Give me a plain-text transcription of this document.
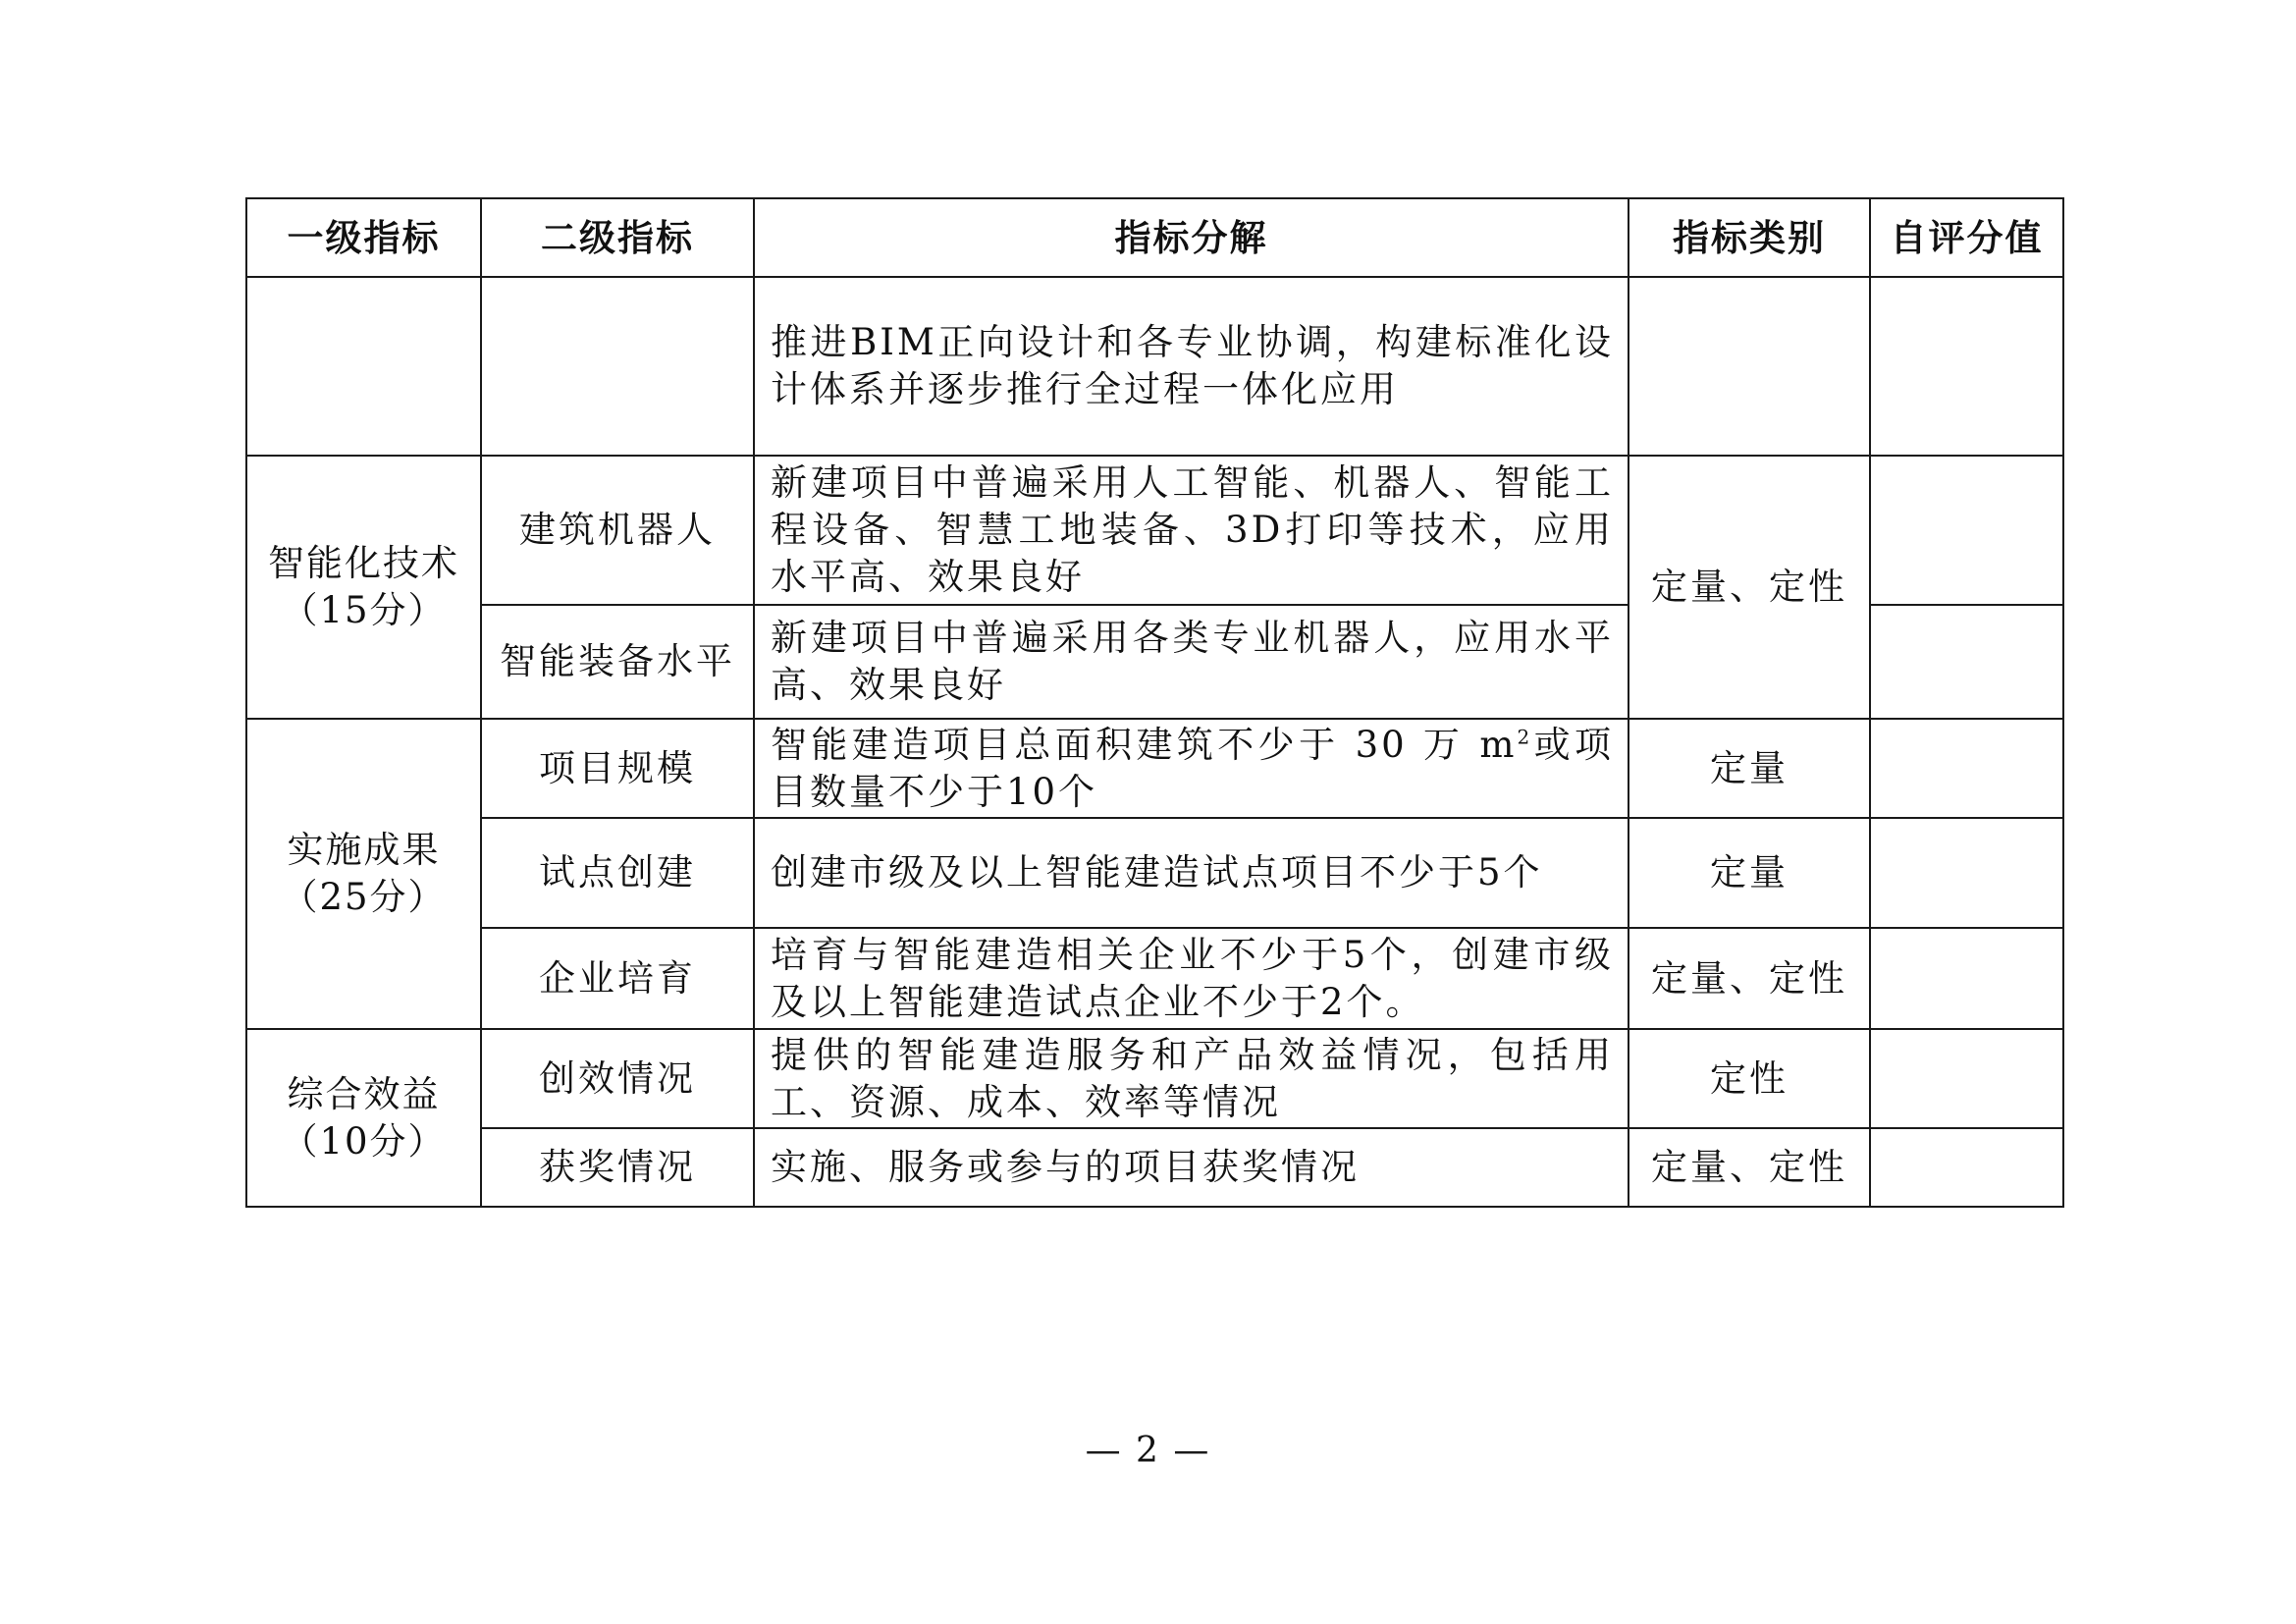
一级指标	二级指标	指标分解	指标类别	自评分值
		推进BIM正向设计和各专业协调，构建标准化设计体系并逐步推行全过程一体化应用		

智能化技术
（15分）	建筑机器人	新建项目中普遍采用人工智能、机器人、智能工程设备、智慧工地装备、3D打印等技术，应用水平高、效果良好	定量、定性	
	智能装备水平	新建项目中普遍采用各类专业机器人，应用水平高、效果良好		

实施成果
（25分）	项目规模	智能建造项目总面积建筑不少于 30 万 $m^2$或项目数量不少于10个	定量	
	试点创建	创建市级及以上智能建造试点项目不少于5个	定量	
	企业培育	培育与智能建造相关企业不少于5个，创建市级及以上智能建造试点企业不少于2个。	定量、定性	

综合效益
（10分）	创效情况	提供的智能建造服务和产品效益情况，包括用工、资源、成本、效率等情况	定性	
	获奖情况	实施、服务或参与的项目获奖情况	定量、定性	
— 2 —
